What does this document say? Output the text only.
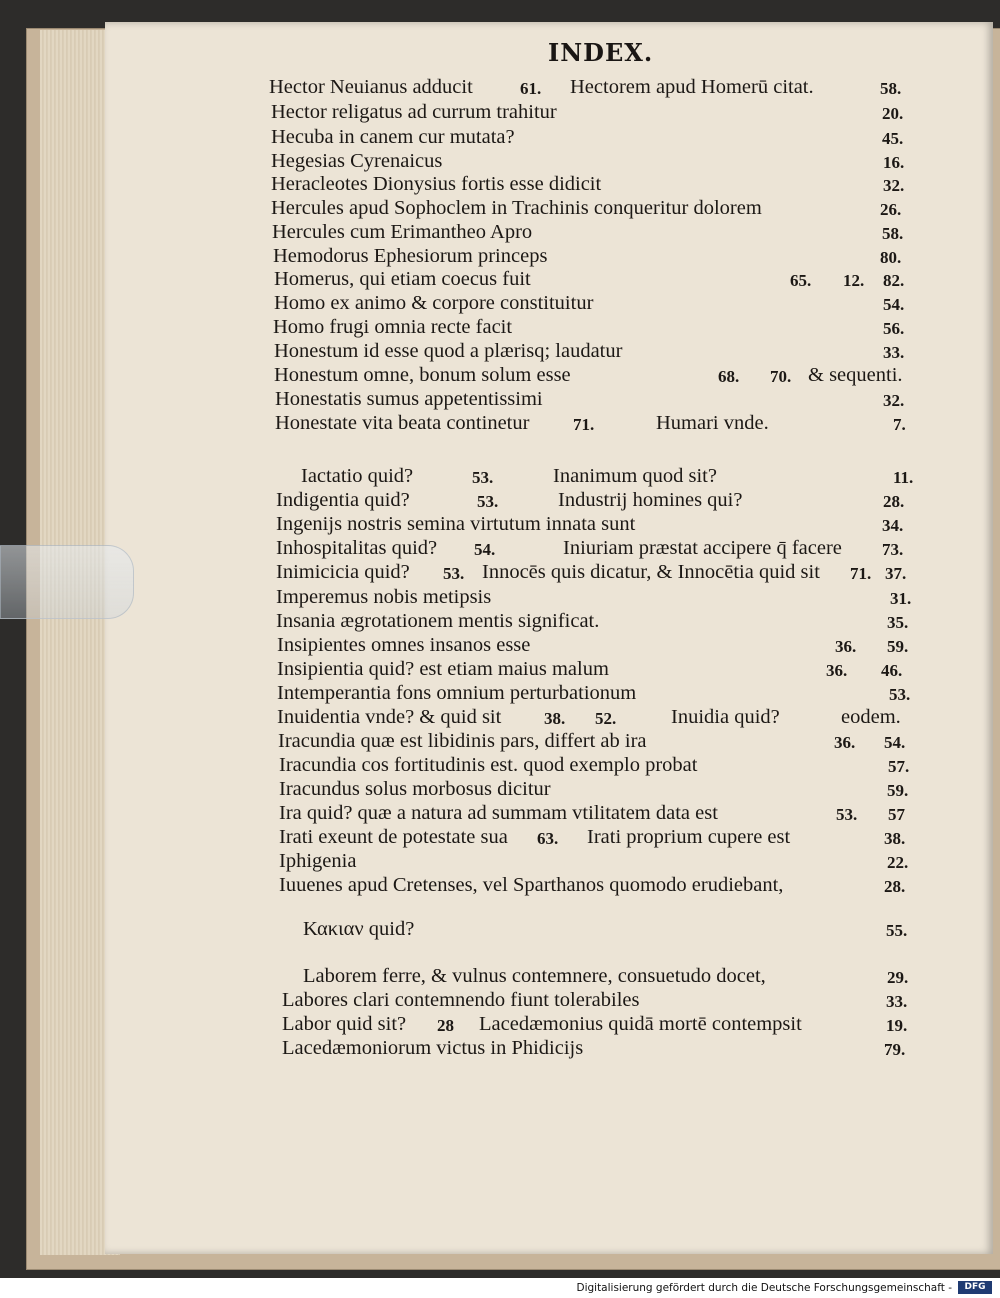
INDEX.
Hector Neuianus adducit	61. Hectorem apud Homerū citat.	58.
Hector religatus ad currum trahitur	20.
Hecuba in canem cur mutata?	45.
Hegesias Cyrenaicus	16.
Heracleotes Dionysius fortis esse didicit	32.
Hercules apud Sophoclem in Trachinis conqueritur dolorem	26.
Hercules cum Erimantheo Apro	58.
Hemodorus Ephesiorum princeps	80.
Homerus, qui etiam coecus fuit	65. 12. 82.
Homo ex animo & corpore constituitur	54.
Homo frugi omnia recte facit	56.
Honestum id esse quod a plærisq; laudatur	33.
Honestum omne, bonum solum esse	68. 70. & sequenti.
Honestatis sumus appetentissimi	32.
Honestate vita beata continetur	71.	Humari vnde.	7.
Iactatio quid?	53.	Inanimum quod sit?	11.
Indigentia quid?	53.	Industrij homines qui?	28.
Ingenijs nostris semina virtutum innata sunt	34.
Inhospitalitas quid? 54.	Iniuriam præstat accipere q̄ facere 73.
Inimicicia quid? 53. Innocēs quis dicatur, & Innocētia quid sit 71. 37.
Imperemus nobis metipsis	31.
Insania ægrotationem mentis significat.	35.
Insipientes omnes insanos esse	36. 59.
Insipientia quid? est etiam maius malum	36. 46.
Intemperantia fons omnium perturbationum	53.
Inuidentia vnde? & quid sit	38. 52.	Inuidia quid?	eodem.
Iracundia quæ est libidinis pars, differt ab ira	36. 54.
Iracundia cos fortitudinis est. quod exemplo probat	57.
Iracundus solus morbosus dicitur	59.
Ira quid? quæ a natura ad summam vtilitatem data est	53. 57
Irati exeunt de potestate sua 63. Irati proprium cupere est	38.
Iphigenia	22.
Iuuenes apud Cretenses, vel Sparthanos quomodo erudiebant,	28.
Κακιαν quid?	55.
Laborem ferre, & vulnus contemnere, consuetudo docet,	29.
Labores clari contemnendo fiunt tolerabiles	33.
Labor quid sit? 28 Lacedæmonius quidā mortē contempsit	19.
Lacedæmoniorum victus in Phidicijs	79.
Digitalisierung gefördert durch die Deutsche Forschungsgemeinschaft -	DFG
